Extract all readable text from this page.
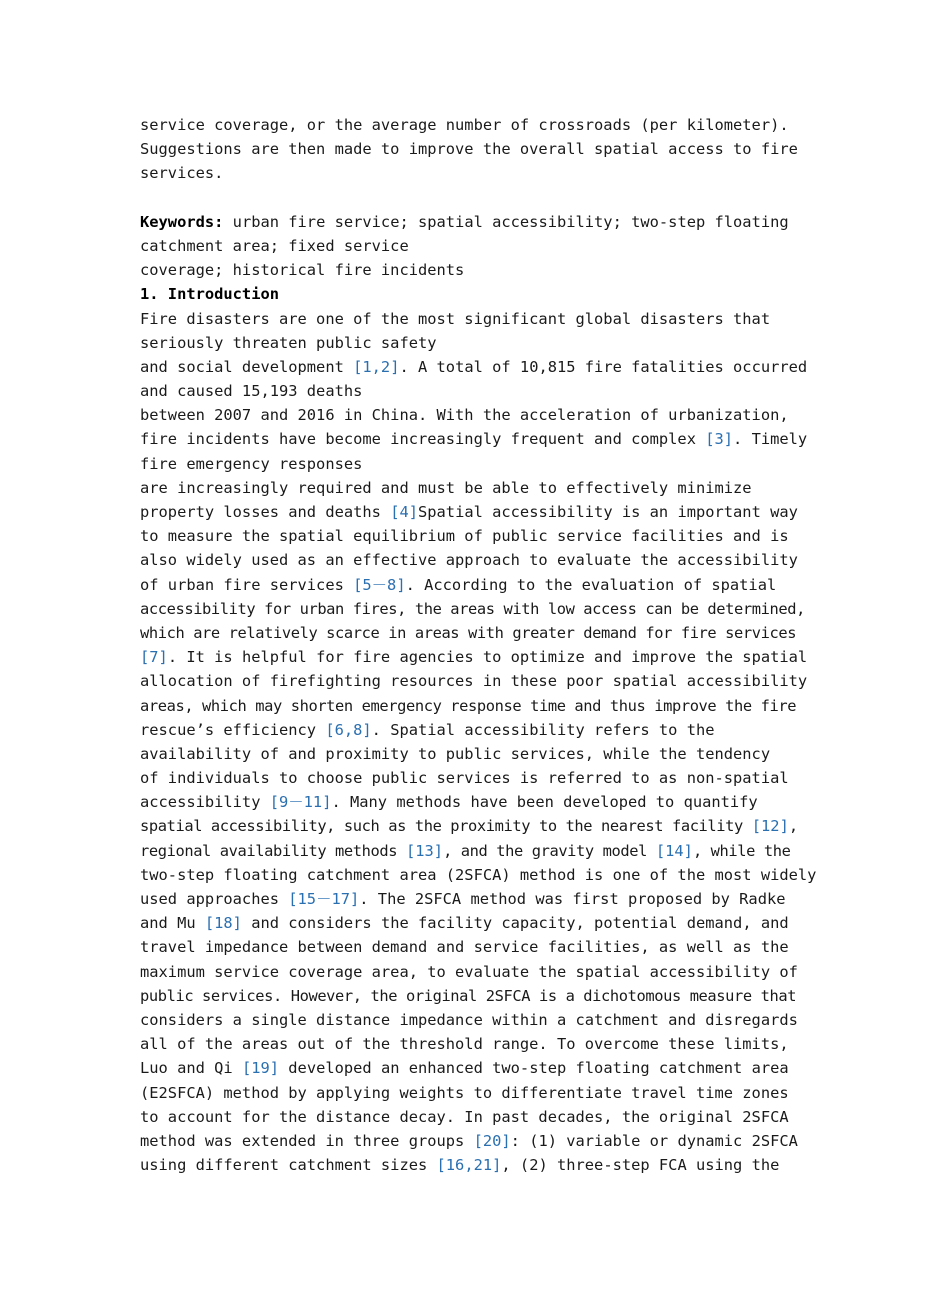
service coverage, or the average number of crossroads (per kilometer).
Suggestions are then made to improve the overall spatial access to fire
services.
Keywords: urban fire service; spatial accessibility; two-step floating
catchment area; fixed service
coverage; historical fire incidents
1. Introduction
Fire disasters are one of the most significant global disasters that
seriously threaten public safety
and social development [1,2]. A total of 10,815 fire fatalities occurred
and caused 15,193 deaths
between 2007 and 2016 in China. With the acceleration of urbanization,
fire incidents have become increasingly frequent and complex [3]. Timely
fire emergency responses
are increasingly required and must be able to effectively minimize
property losses and deaths [4]Spatial accessibility is an important way
to measure the spatial equilibrium of public service facilities and is
also widely used as an effective approach to evaluate the accessibility
of urban fire services [5－8]. According to the evaluation of spatial
accessibility for urban fires, the areas with low access can be determined,
which are relatively scarce in areas with greater demand for fire services
[7]. It is helpful for fire agencies to optimize and improve the spatial
allocation of firefighting resources in these poor spatial accessibility
areas, which may shorten emergency response time and thus improve the fire
rescue’s efficiency [6,8]. Spatial accessibility refers to the
availability of and proximity to public services, while the tendency
of individuals to choose public services is referred to as non-spatial
accessibility [9－11]. Many methods have been developed to quantify
spatial accessibility, such as the proximity to the nearest facility [12],
regional availability methods [13], and the gravity model [14], while the
two-step floating catchment area (2SFCA) method is one of the most widely
used approaches [15－17]. The 2SFCA method was first proposed by Radke
and Mu [18] and considers the facility capacity, potential demand, and
travel impedance between demand and service facilities, as well as the
maximum service coverage area, to evaluate the spatial accessibility of
public services. However, the original 2SFCA is a dichotomous measure that
considers a single distance impedance within a catchment and disregards
all of the areas out of the threshold range. To overcome these limits,
Luo and Qi [19] developed an enhanced two-step floating catchment area
(E2SFCA) method by applying weights to differentiate travel time zones
to account for the distance decay. In past decades, the original 2SFCA
method was extended in three groups [20]: (1) variable or dynamic 2SFCA
using different catchment sizes [16,21], (2) three-step FCA using the
